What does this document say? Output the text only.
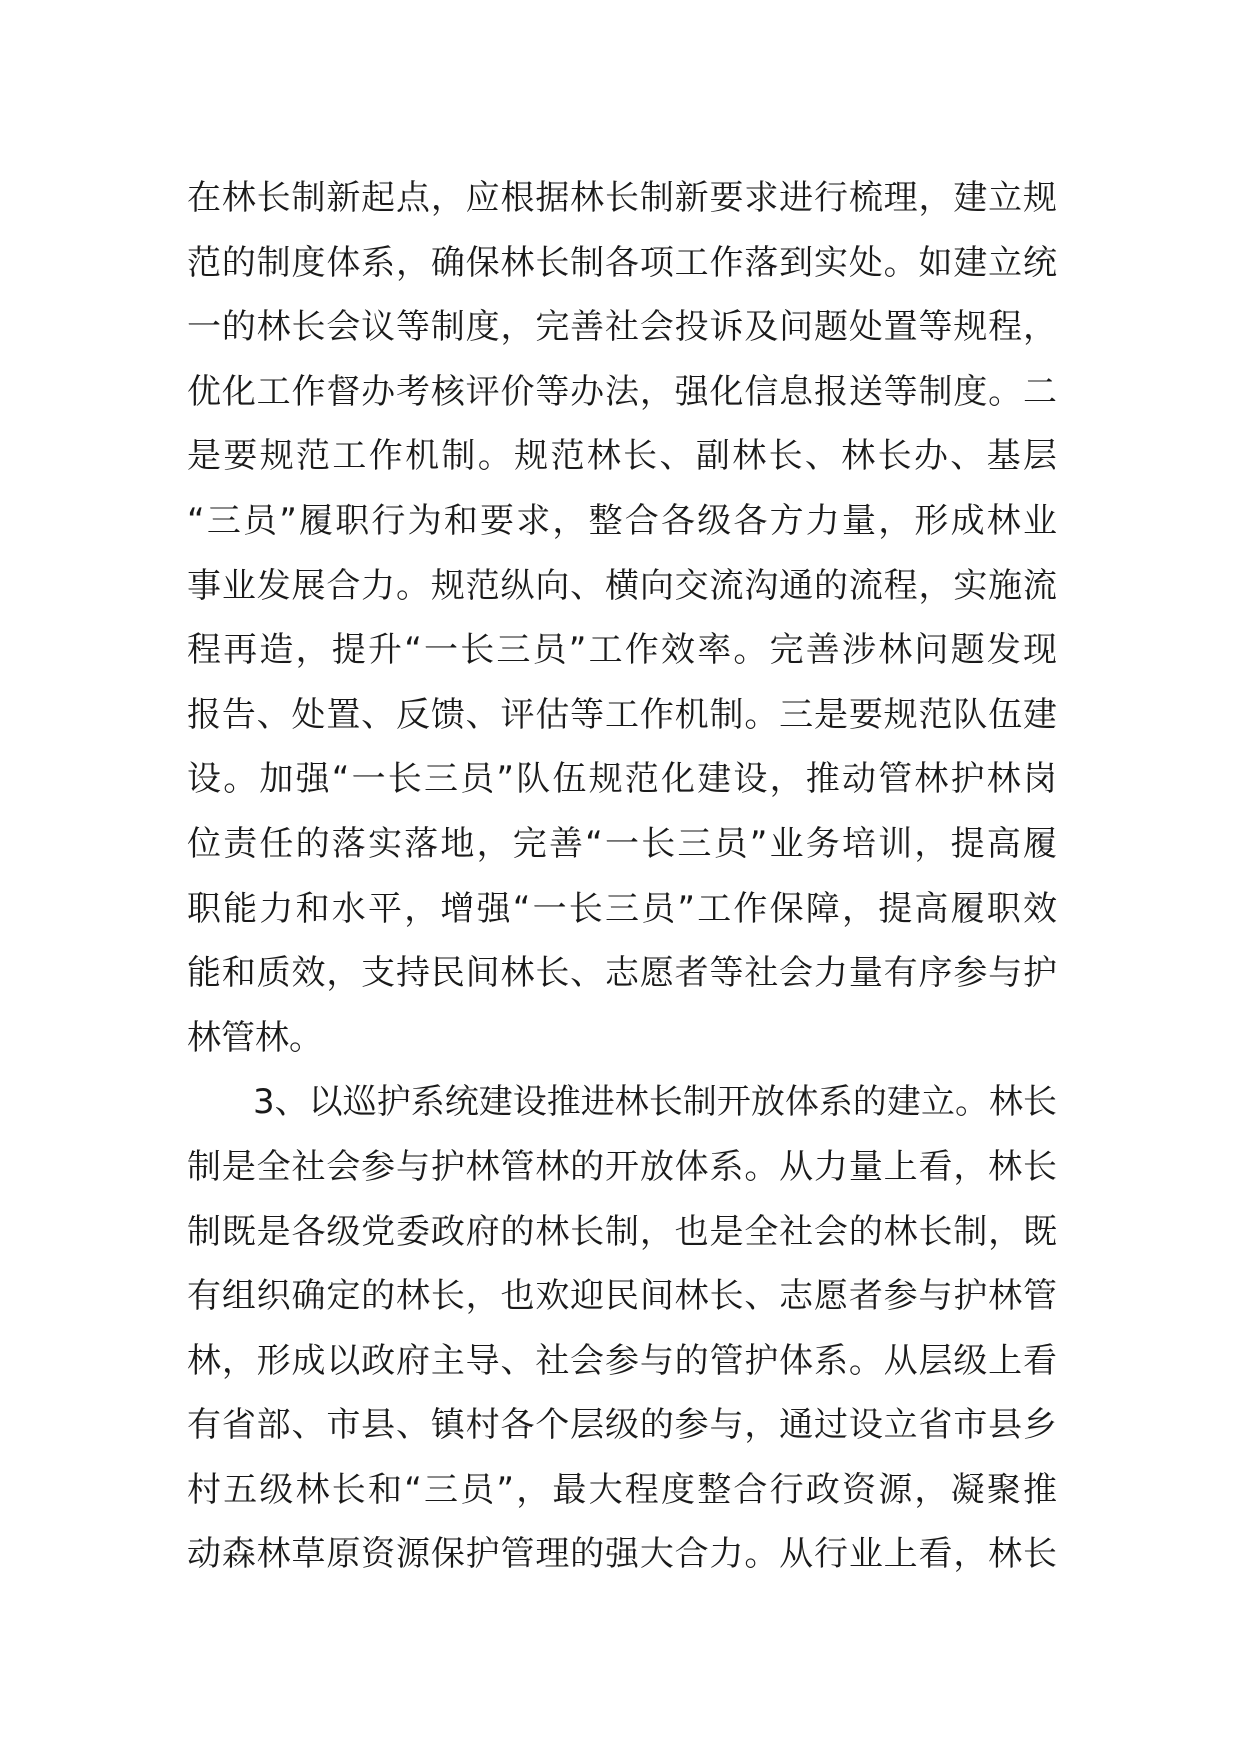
在林长制新起点，应根据林长制新要求进行梳理，建立规
范的制度体系，确保林长制各项工作落到实处。如建立统
一的林长会议等制度，完善社会投诉及问题处置等规程，
优化工作督办考核评价等办法，强化信息报送等制度。二
是要规范工作机制。规范林长、副林长、林长办、基层
“三员”履职行为和要求，整合各级各方力量，形成林业
事业发展合力。规范纵向、横向交流沟通的流程，实施流
程再造，提升“一长三员”工作效率。完善涉林问题发现
报告、处置、反馈、评估等工作机制。三是要规范队伍建
设。加强“一长三员”队伍规范化建设，推动管林护林岗
位责任的落实落地，完善“一长三员”业务培训，提高履
职能力和水平，增强“一长三员”工作保障，提高履职效
能和质效，支持民间林长、志愿者等社会力量有序参与护
林管林。
3、以巡护系统建设推进林长制开放体系的建立。林长
制是全社会参与护林管林的开放体系。从力量上看，林长
制既是各级党委政府的林长制，也是全社会的林长制，既
有组织确定的林长，也欢迎民间林长、志愿者参与护林管
林，形成以政府主导、社会参与的管护体系。从层级上看
有省部、市县、镇村各个层级的参与，通过设立省市县乡
村五级林长和“三员”，最大程度整合行政资源，凝聚推
动森林草原资源保护管理的强大合力。从行业上看，林长
